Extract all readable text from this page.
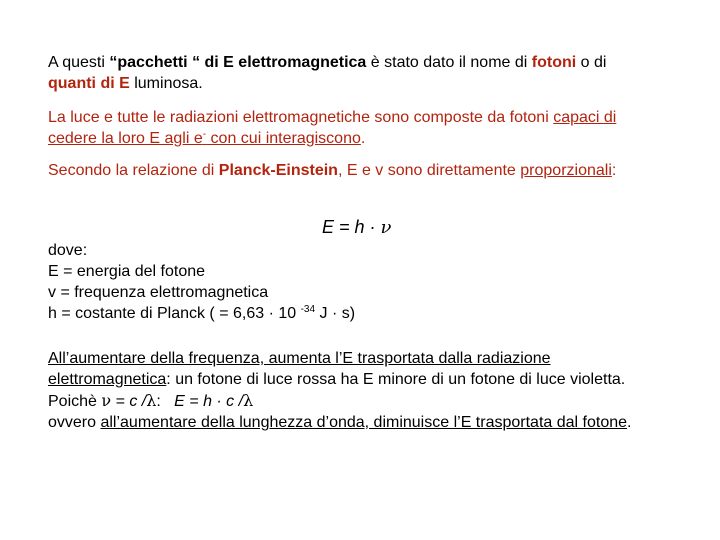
A questi “pacchetti “ di E elettromagnetica è stato dato il nome di fotoni o di quanti di E luminosa.
La luce e tutte le radiazioni elettromagnetiche sono composte da fotoni capaci di cedere la loro E agli e- con cui interagiscono.
Secondo la relazione di Planck-Einstein, E e v sono direttamente proporzionali:
E = h · ν
dove:
E = energia del fotone
v = frequenza elettromagnetica
h = costante di Planck ( = 6,63 · 10 $^{-34}$ J · s)
All’aumentare della frequenza, aumenta l’E trasportata dalla radiazione elettromagnetica: un fotone di luce rossa ha E minore di un fotone di luce violetta.
Poichè ν = c /λ:   E = h · c /λ
ovvero all’aumentare della lunghezza d’onda, diminuisce l’E trasportata dal fotone.
